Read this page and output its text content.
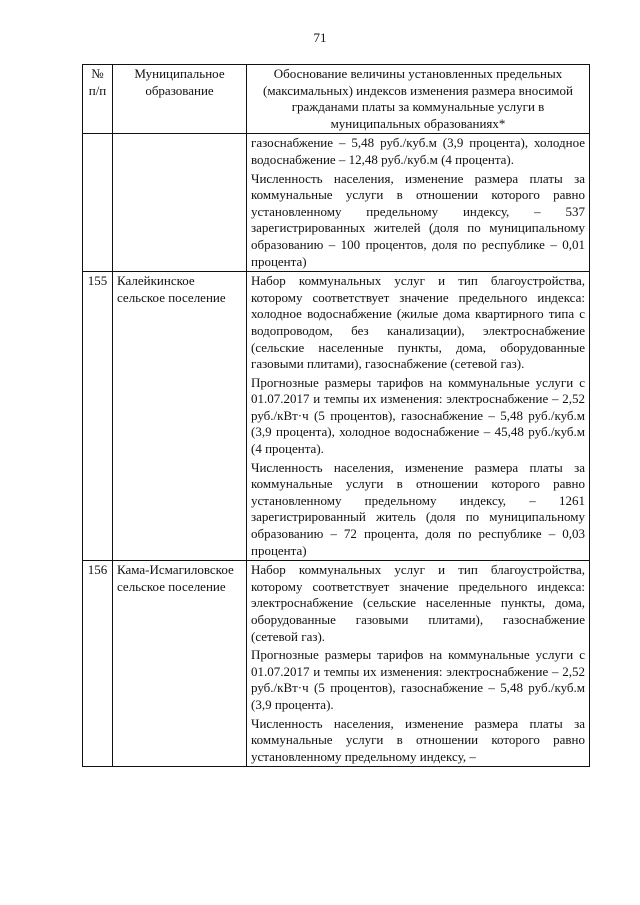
71
№ п/п	Муниципальное образование	Обоснование величины установленных предельных (максимальных) индексов изменения размера вносимой гражданами платы за коммунальные услуги в муниципальных образованиях*

		газоснабжение – 5,48 руб./куб.м (3,9 процента), холодное водоснабжение – 12,48 руб./куб.м (4 процента).

Численность населения, изменение размера платы за коммунальные услуги в отношении которого равно установленному предельному индексу, – 537 зарегистрированных жителей (доля по муниципальному образованию – 100 процентов, доля по республике – 0,01 процента)

155	Калейкинское сельское поселение	Набор коммунальных услуг и тип благоустройства, которому соответствует значение предельного индекса: холодное водоснабжение (жилые дома квартирного типа с водопроводом, без канализации), электроснабжение (сельские населенные пункты, дома, оборудованные газовыми плитами), газоснабжение (сетевой газ).

Прогнозные размеры тарифов на коммунальные услуги с 01.07.2017 и темпы их изменения: электроснабжение – 2,52 руб./кВт·ч (5 процентов), газоснабжение – 5,48 руб./куб.м (3,9 процента), холодное водоснабжение – 45,48 руб./куб.м (4 процента).

Численность населения, изменение размера платы за коммунальные услуги в отношении которого равно установленному предельному индексу, – 1261 зарегистрированный житель (доля по муниципальному образованию – 72 процента, доля по республике – 0,03 процента)

156	Кама-Исмагиловское сельское поселение	Набор коммунальных услуг и тип благоустройства, которому соответствует значение предельного индекса: электроснабжение (сельские населенные пункты, дома, оборудованные газовыми плитами), газоснабжение (сетевой газ).

Прогнозные размеры тарифов на коммунальные услуги с 01.07.2017 и темпы их изменения: электроснабжение – 2,52 руб./кВт·ч (5 процентов), газоснабжение – 5,48 руб./куб.м (3,9 процента).

Численность населения, изменение размера платы за коммунальные услуги в отношении которого равно установленному предельному индексу, –
